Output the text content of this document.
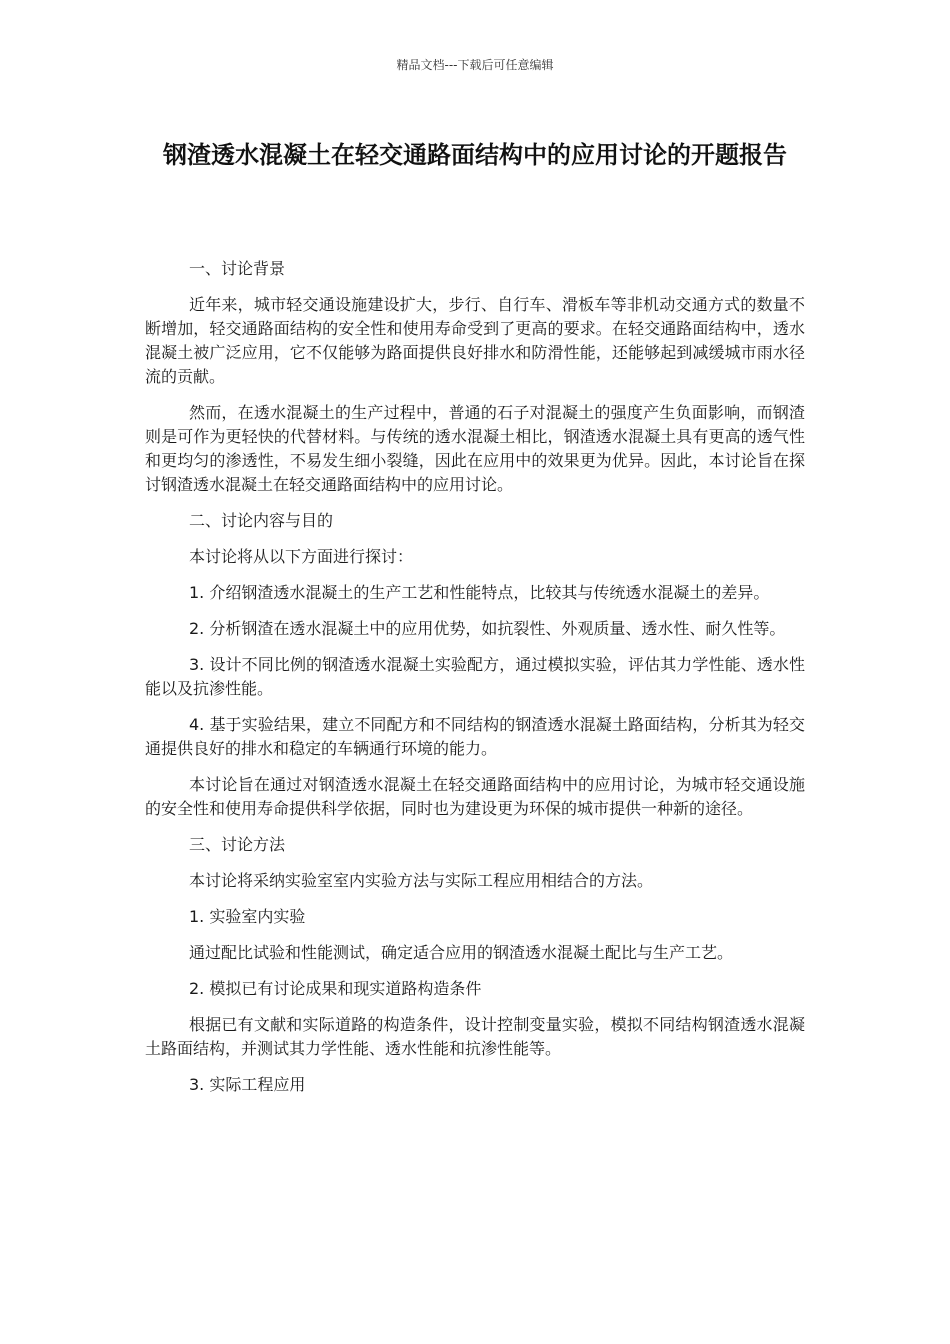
精品文档---下载后可任意编辑
钢渣透水混凝土在轻交通路面结构中的应用讨论的开题报告

一、讨论背景

近年来，城市轻交通设施建设扩大，步行、自行车、滑板车等非机动交通方式的数量不断增加，轻交通路面结构的安全性和使用寿命受到了更高的要求。在轻交通路面结构中，透水混凝土被广泛应用，它不仅能够为路面提供良好排水和防滑性能，还能够起到减缓城市雨水径流的贡献。

然而，在透水混凝土的生产过程中，普通的石子对混凝土的强度产生负面影响，而钢渣则是可作为更轻快的代替材料。与传统的透水混凝土相比，钢渣透水混凝土具有更高的透气性和更均匀的渗透性，不易发生细小裂缝，因此在应用中的效果更为优异。因此，本讨论旨在探讨钢渣透水混凝土在轻交通路面结构中的应用讨论。

二、讨论内容与目的

本讨论将从以下方面进行探讨：

1. 介绍钢渣透水混凝土的生产工艺和性能特点，比较其与传统透水混凝土的差异。

2. 分析钢渣在透水混凝土中的应用优势，如抗裂性、外观质量、透水性、耐久性等。

3. 设计不同比例的钢渣透水混凝土实验配方，通过模拟实验，评估其力学性能、透水性能以及抗渗性能。

4. 基于实验结果，建立不同配方和不同结构的钢渣透水混凝土路面结构，分析其为轻交通提供良好的排水和稳定的车辆通行环境的能力。

本讨论旨在通过对钢渣透水混凝土在轻交通路面结构中的应用讨论，为城市轻交通设施的安全性和使用寿命提供科学依据，同时也为建设更为环保的城市提供一种新的途径。

三、讨论方法

本讨论将采纳实验室室内实验方法与实际工程应用相结合的方法。

1. 实验室内实验

通过配比试验和性能测试，确定适合应用的钢渣透水混凝土配比与生产工艺。

2. 模拟已有讨论成果和现实道路构造条件

根据已有文献和实际道路的构造条件，设计控制变量实验，模拟不同结构钢渣透水混凝土路面结构，并测试其力学性能、透水性能和抗渗性能等。

3. 实际工程应用
